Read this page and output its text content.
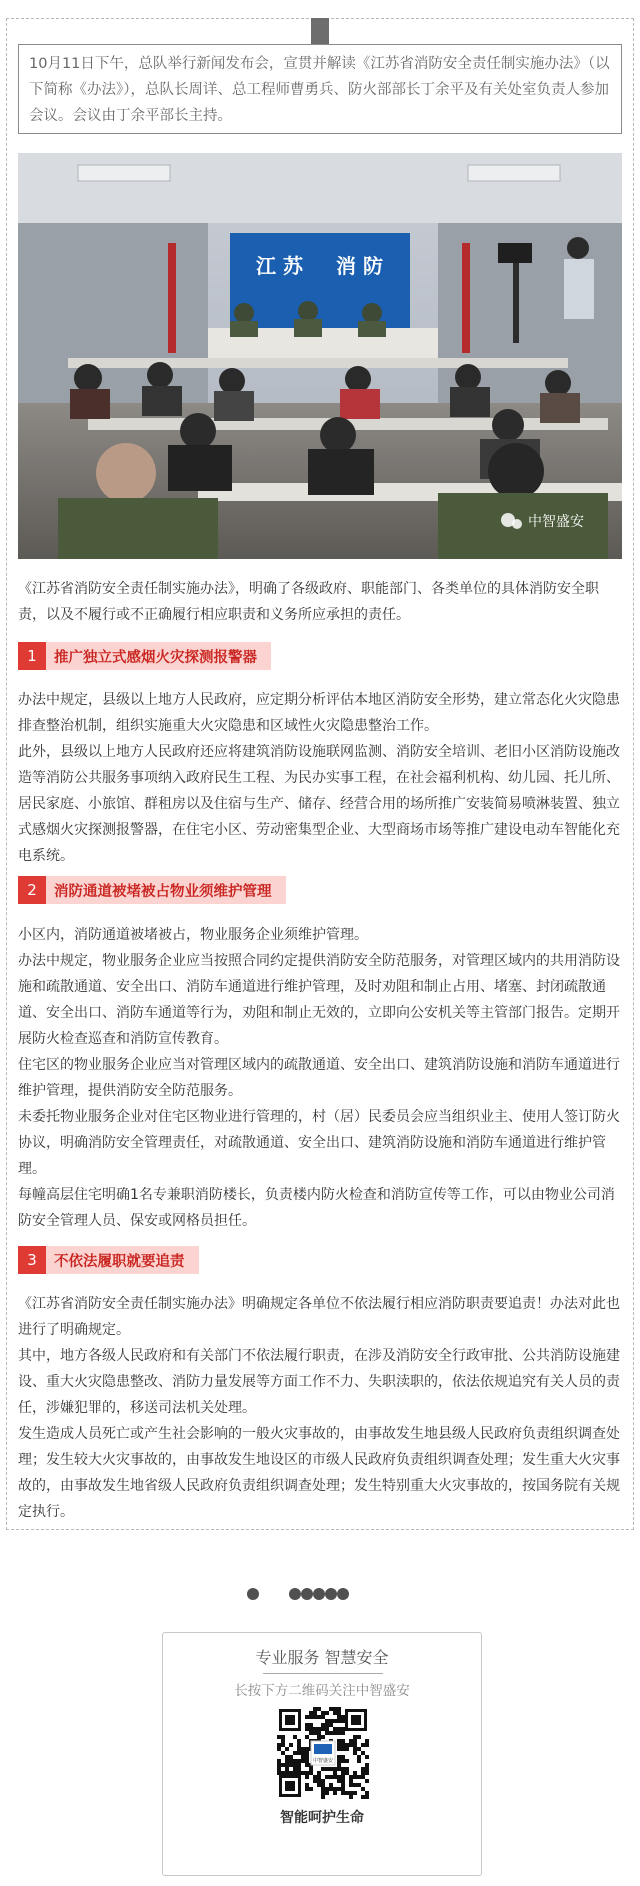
10月11日下午，总队举行新闻发布会，宣贯并解读《江苏省消防安全责任制实施办法》（以下简称《办法》），总队长周详、总工程师曹勇兵、防火部部长丁余平及有关处室负责人参加会议。会议由丁余平部长主持。
江 苏 消 防
中智盛安

《江苏省消防安全责任制实施办法》，明确了各级政府、职能部门、各类单位的具体消防安全职责，以及不履行或不正确履行相应职责和义务所应承担的责任。

1	推广独立式感烟火灾探测报警器

办法中规定，县级以上地方人民政府，应定期分析评估本地区消防安全形势，建立常态化火灾隐患排查整治机制，组织实施重大火灾隐患和区域性火灾隐患整治工作。

此外，县级以上地方人民政府还应将建筑消防设施联网监测、消防安全培训、老旧小区消防设施改造等消防公共服务事项纳入政府民生工程、为民办实事工程，在社会福利机构、幼儿园、托儿所、居民家庭、小旅馆、群租房以及住宿与生产、储存、经营合用的场所推广安装简易喷淋装置、独立式感烟火灾探测报警器，在住宅小区、劳动密集型企业、大型商场市场等推广建设电动车智能化充电系统。

2	消防通道被堵被占物业须维护管理

小区内，消防通道被堵被占，物业服务企业须维护管理。

办法中规定，物业服务企业应当按照合同约定提供消防安全防范服务，对管理区域内的共用消防设施和疏散通道、安全出口、消防车通道进行维护管理，及时劝阻和制止占用、堵塞、封闭疏散通道、安全出口、消防车通道等行为，劝阻和制止无效的，立即向公安机关等主管部门报告。定期开展防火检查巡查和消防宣传教育。

住宅区的物业服务企业应当对管理区域内的疏散通道、安全出口、建筑消防设施和消防车通道进行维护管理，提供消防安全防范服务。

未委托物业服务企业对住宅区物业进行管理的，村（居）民委员会应当组织业主、使用人签订防火协议，明确消防安全管理责任，对疏散通道、安全出口、建筑消防设施和消防车通道进行维护管理。

每幢高层住宅明确1名专兼职消防楼长，负责楼内防火检查和消防宣传等工作，可以由物业公司消防安全管理人员、保安或网格员担任。

3	不依法履职就要追责

《江苏省消防安全责任制实施办法》明确规定各单位不依法履行相应消防职责要追责！办法对此也进行了明确规定。

其中，地方各级人民政府和有关部门不依法履行职责，在涉及消防安全行政审批、公共消防设施建设、重大火灾隐患整改、消防力量发展等方面工作不力、失职渎职的，依法依规追究有关人员的责任，涉嫌犯罪的，移送司法机关处理。

发生造成人员死亡或产生社会影响的一般火灾事故的，由事故发生地县级人民政府负责组织调查处理；发生较大火灾事故的，由事故发生地设区的市级人民政府负责组织调查处理；发生重大火灾事故的，由事故发生地省级人民政府负责组织调查处理；发生特别重大火灾事故的，按国务院有关规定执行。

专业服务 智慧安全
长按下方二维码关注中智盛安
中智盛安
智能呵护生命
